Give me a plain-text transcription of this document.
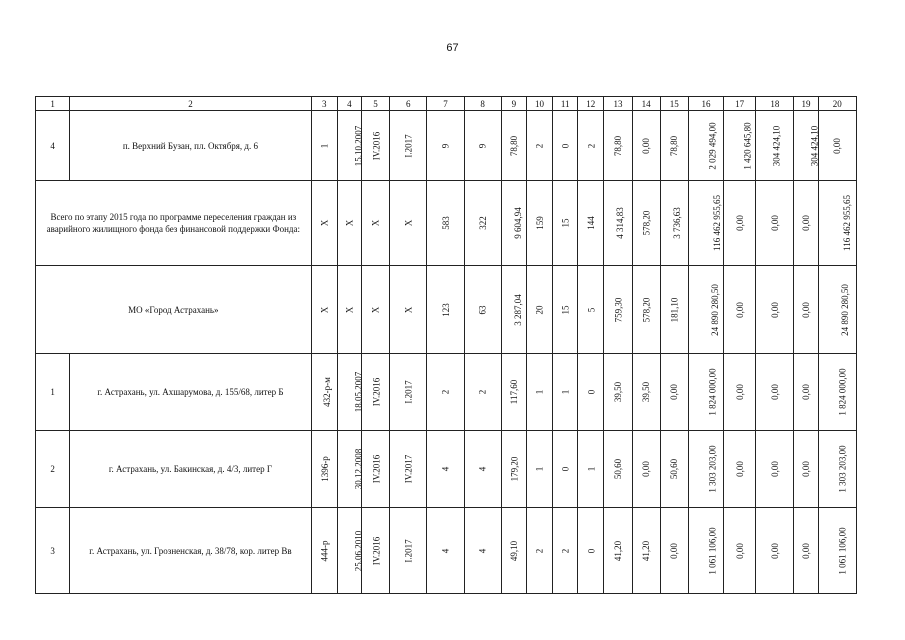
67
1	2	3	4	5	6	7	8	9	10	11	12	13	14	15	16	17	18	19	20
4	п. Верхний Бузан, пл. Октября, д. 6	1	15.10.2007	IV.2016	I.2017	9	9	78,80	2	0	2	78,80	0,00	78,80	2 029 494,00	1 420 645,80	304 424,10	304 424,10	0,00
Всего по этапу 2015 года по программе переселения граждан из аварийного жилищного фонда без финансовой поддержки Фонда:		X	X	X	X	583	322	9 604,94	159	15	144	4 314,83	578,20	3 736,63	116 462 955,65	0,00	0,00	0,00	116 462 955,65
МО «Город Астрахань»		X	X	X	X	123	63	3 287,04	20	15	5	759,30	578,20	181,10	24 890 280,50	0,00	0,00	0,00	24 890 280,50
1	г. Астрахань, ул. Ахшарумова, д. 155/68, литер Б	432-р-м	18.05.2007	IV.2016	I.2017	2	2	117,60	1	1	0	39,50	39,50	0,00	1 824 000,00	0,00	0,00	0,00	1 824 000,00
2	г. Астрахань, ул. Бакинская, д. 4/3, литер Г	1396-р	30.12.2008	IV.2016	IV.2017	4	4	179,20	1	0	1	50,60	0,00	50,60	1 303 203,00	0,00	0,00	0,00	1 303 203,00
3	г. Астрахань, ул. Грозненская, д. 38/78, кор. литер Вв	444-р	25.06.2010	IV.2016	I.2017	4	4	49,10	2	2	0	41,20	41,20	0,00	1 061 106,00	0,00	0,00	0,00	1 061 106,00
